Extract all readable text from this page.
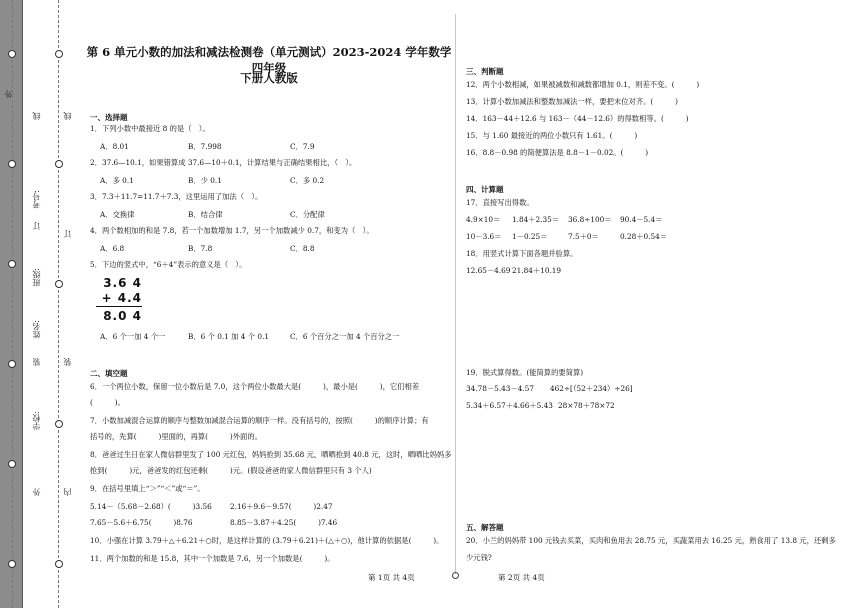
外
线
订
装
外
学校:
姓名:
班级:
考号:
线
订
装
内
第 6 单元小数的加法和减法检测卷（单元测试）2023-2024 学年数学四年级
下册人教版
一、选择题
1．下列小数中最接近 8 的是（　）。
A．8.01	B．7.998	C．7.9
2．37.6—10.1，如果错算成 37.6—10＋0.1，计算结果与正确结果相比，（　）。
A．多 0.1	B．少 0.1	C．多 0.2
3．7.3＋11.7=11.7＋7.3，这里运用了加法（　）。
A．交换律	B．结合律	C．分配律
4．两个数相加的和是 7.8，若一个加数增加 1.7，另一个加数减少 0.7，和变为（　）。
A．6.8	B．7.8	C．8.8
5．下边的竖式中，“6＋4”表示的意义是（　）。
3.6 4
+ 4.4
8.0 4
A．6 个一加 4 个一	B．6 个 0.1 加 4 个 0.1	C．6 个百分之一加 4 个百分之一
二、填空题
6．一个两位小数，保留一位小数后是 7.0，这个两位小数最大是(　　　)，最小是(　　　)，它们相差
(　　　)。
7．小数加减混合运算的顺序与整数加减混合运算的顺序一样。没有括号的，按照(　　　)的顺序计算；有
括号的，先算(　　　)里面的，再算(　　　)外面的。
8．爸爸过生日在家人微信群里发了 100 元红包，妈妈抢到 35.68 元，晒晒抢到 40.8 元，这时，晒晒比妈妈多
抢到(　　　)元，爸爸发的红包还剩(　　　)元。(假设爸爸的家人微信群里只有 3 个人)
9．在括号里填上“＞”“＜”或“＝”。
5.14－（5.68－2.68）(　　　)3.56 2.16＋9.6－9.57(　　　)2.47
7.65－5.6＋6.75(　　　)8.76	8.85－3.87＋4.25(　　　)7.46
10．小强在计算 3.79＋△＋6.21＋○时，是这样计算的 (3.79＋6.21)＋(△＋○)，他计算的依据是(　　　)。
11．两个加数的和是 15.8，其中一个加数是 7.6，另一个加数是(　　　)。
三、判断题
12．两个小数相减，如果被减数和减数都增加 0.1，则差不变。(　　　)
13．计算小数加减法和整数加减法一样，要把末位对齐。(　　　)
14．163－44＋12.6 与 163－（44－12.6）的得数相等。(　　　)
15．与 1.60 最接近的两位小数只有 1.61。(　　　)
16．8.8－0.98 的简便算法是 8.8－1－0.02。(　　　)
四、计算题
17．直接写出得数。
4.9×10＝ 1.84＋2.35＝ 36.8÷100＝ 90.4－5.4＝
10－3.6＝ 1－0.25＝	7.5＋0＝	0.28＋0.54＝
18．用竖式计算下面各题并验算。
12.65－4.69 21.84＋10.19
19．脱式算得数。(能简算的要简算)
34.78－5.43－4.57 462÷[（52＋234）÷26]
5.34＋6.57＋4.66＋5.43 28×78＋78×72
五、解答题
20．小兰的妈妈带 100 元钱去买菜，买肉和鱼用去 28.75 元，买蔬菜用去 16.25 元，熟食用了 13.8 元，还剩多
少元钱?
第 1页 共 4页	第 2页 共 4页
